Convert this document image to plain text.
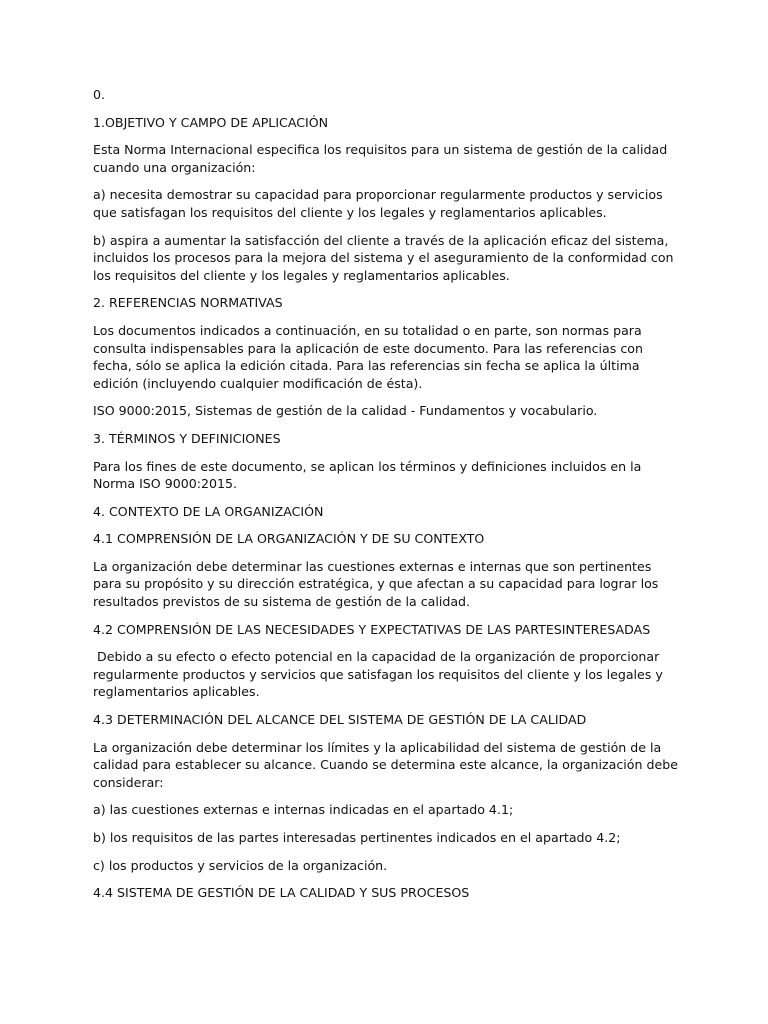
0.

1.OBJETIVO Y CAMPO DE APLICACIÓN

Esta Norma Internacional especifica los requisitos para un sistema de gestión de la calidad cuando una organización:

a) necesita demostrar su capacidad para proporcionar regularmente productos y servicios que satisfagan los requisitos del cliente y los legales y reglamentarios aplicables.

b) aspira a aumentar la satisfacción del cliente a través de la aplicación eficaz del sistema, incluidos los procesos para la mejora del sistema y el aseguramiento de la conformidad con los requisitos del cliente y los legales y reglamentarios aplicables.

2. REFERENCIAS NORMATIVAS

Los documentos indicados a continuación, en su totalidad o en parte, son normas para consulta indispensables para la aplicación de este documento. Para las referencias con fecha, sólo se aplica la edición citada. Para las referencias sin fecha se aplica la última edición (incluyendo cualquier modificación de ésta).

ISO 9000:2015, Sistemas de gestión de la calidad - Fundamentos y vocabulario.

3. TÉRMINOS Y DEFINICIONES

Para los fines de este documento, se aplican los términos y definiciones incluidos en la Norma ISO 9000:2015.

4. CONTEXTO DE LA ORGANIZACIÓN

4.1 COMPRENSIÓN DE LA ORGANIZACIÓN Y DE SU CONTEXTO

La organización debe determinar las cuestiones externas e internas que son pertinentes para su propósito y su dirección estratégica, y que afectan a su capacidad para lograr los resultados previstos de su sistema de gestión de la calidad.

4.2 COMPRENSIÓN DE LAS NECESIDADES Y EXPECTATIVAS DE LAS PARTESINTERESADAS

Debido a su efecto o efecto potencial en la capacidad de la organización de proporcionar regularmente productos y servicios que satisfagan los requisitos del cliente y los legales y reglamentarios aplicables.

4.3 DETERMINACIÓN DEL ALCANCE DEL SISTEMA DE GESTIÓN DE LA CALIDAD

La organización debe determinar los límites y la aplicabilidad del sistema de gestión de la calidad para establecer su alcance. Cuando se determina este alcance, la organización debe considerar:

a) las cuestiones externas e internas indicadas en el apartado 4.1;

b) los requisitos de las partes interesadas pertinentes indicados en el apartado 4.2;

c) los productos y servicios de la organización.

4.4 SISTEMA DE GESTIÓN DE LA CALIDAD Y SUS PROCESOS
